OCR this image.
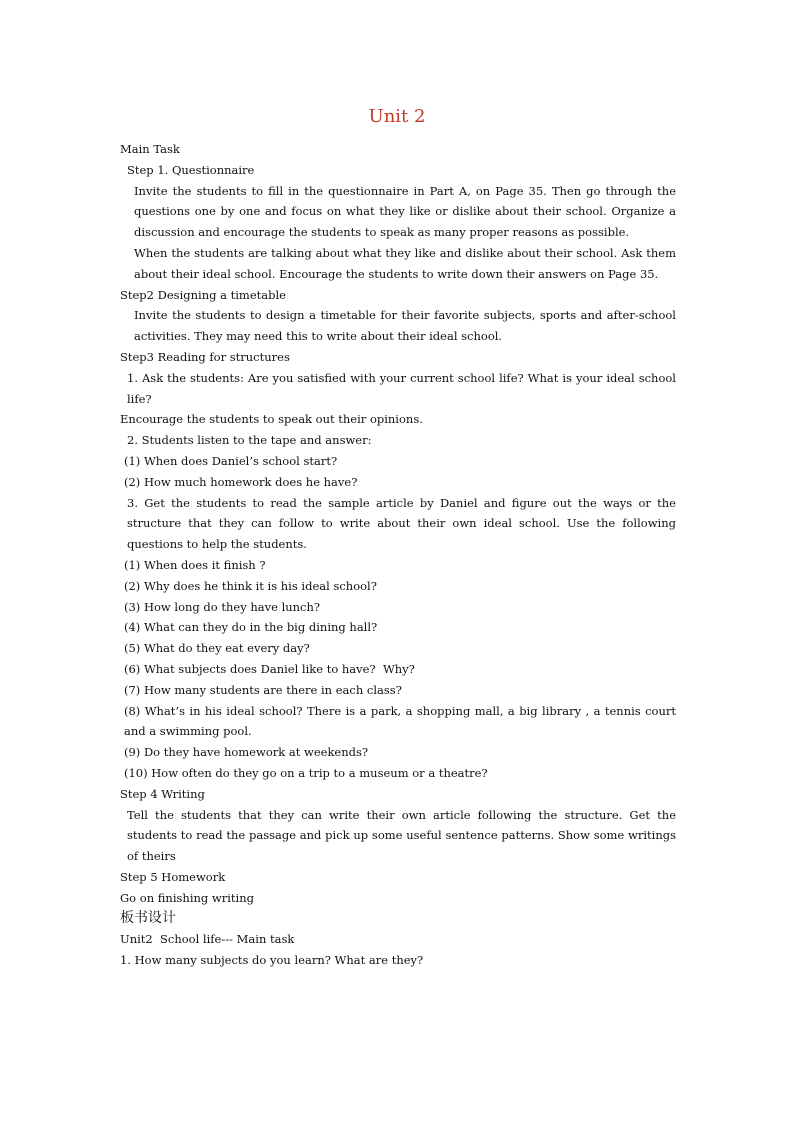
Unit 2

Main Task

Step 1. Questionnaire

Invite the students to fill in the questionnaire in Part A, on Page 35. Then go through the questions one by one and focus on what they like or dislike about their school. Organize a discussion and encourage the students to speak as many proper reasons as possible.

When the students are talking about what they like and dislike about their school. Ask them about their ideal school. Encourage the students to write down their answers on Page 35.

Step2 Designing a timetable

Invite the students to design a timetable for their favorite subjects, sports and after-school activities. They may need this to write about their ideal school.

Step3 Reading for structures

1. Ask the students: Are you satisfied with your current school life? What is your ideal school life?

Encourage the students to speak out their opinions.

2. Students listen to the tape and answer:

(1) When does Daniel’s school start?

(2) How much homework does he have?

3. Get the students to read the sample article by Daniel and figure out the ways or the structure that they can follow to write about their own ideal school. Use the following questions to help the students.

(1) When does it finish ?

(2) Why does he think it is his ideal school?

(3) How long do they have lunch?

(4) What can they do in the big dining hall?

(5) What do they eat every day?

(6) What subjects does Daniel like to have?  Why?

(7) How many students are there in each class?

(8) What’s in his ideal school? There is a park, a shopping mall, a big library , a tennis court and a swimming pool.

(9) Do they have homework at weekends?

(10) How often do they go on a trip to a museum or a theatre?

Step 4 Writing

Tell the students that they can write their own article following the structure. Get the students to read the passage and pick up some useful sentence patterns. Show some writings of theirs

Step 5 Homework

Go on finishing writing

板书设计

Unit2  School life--- Main task

1. How many subjects do you learn? What are they?
